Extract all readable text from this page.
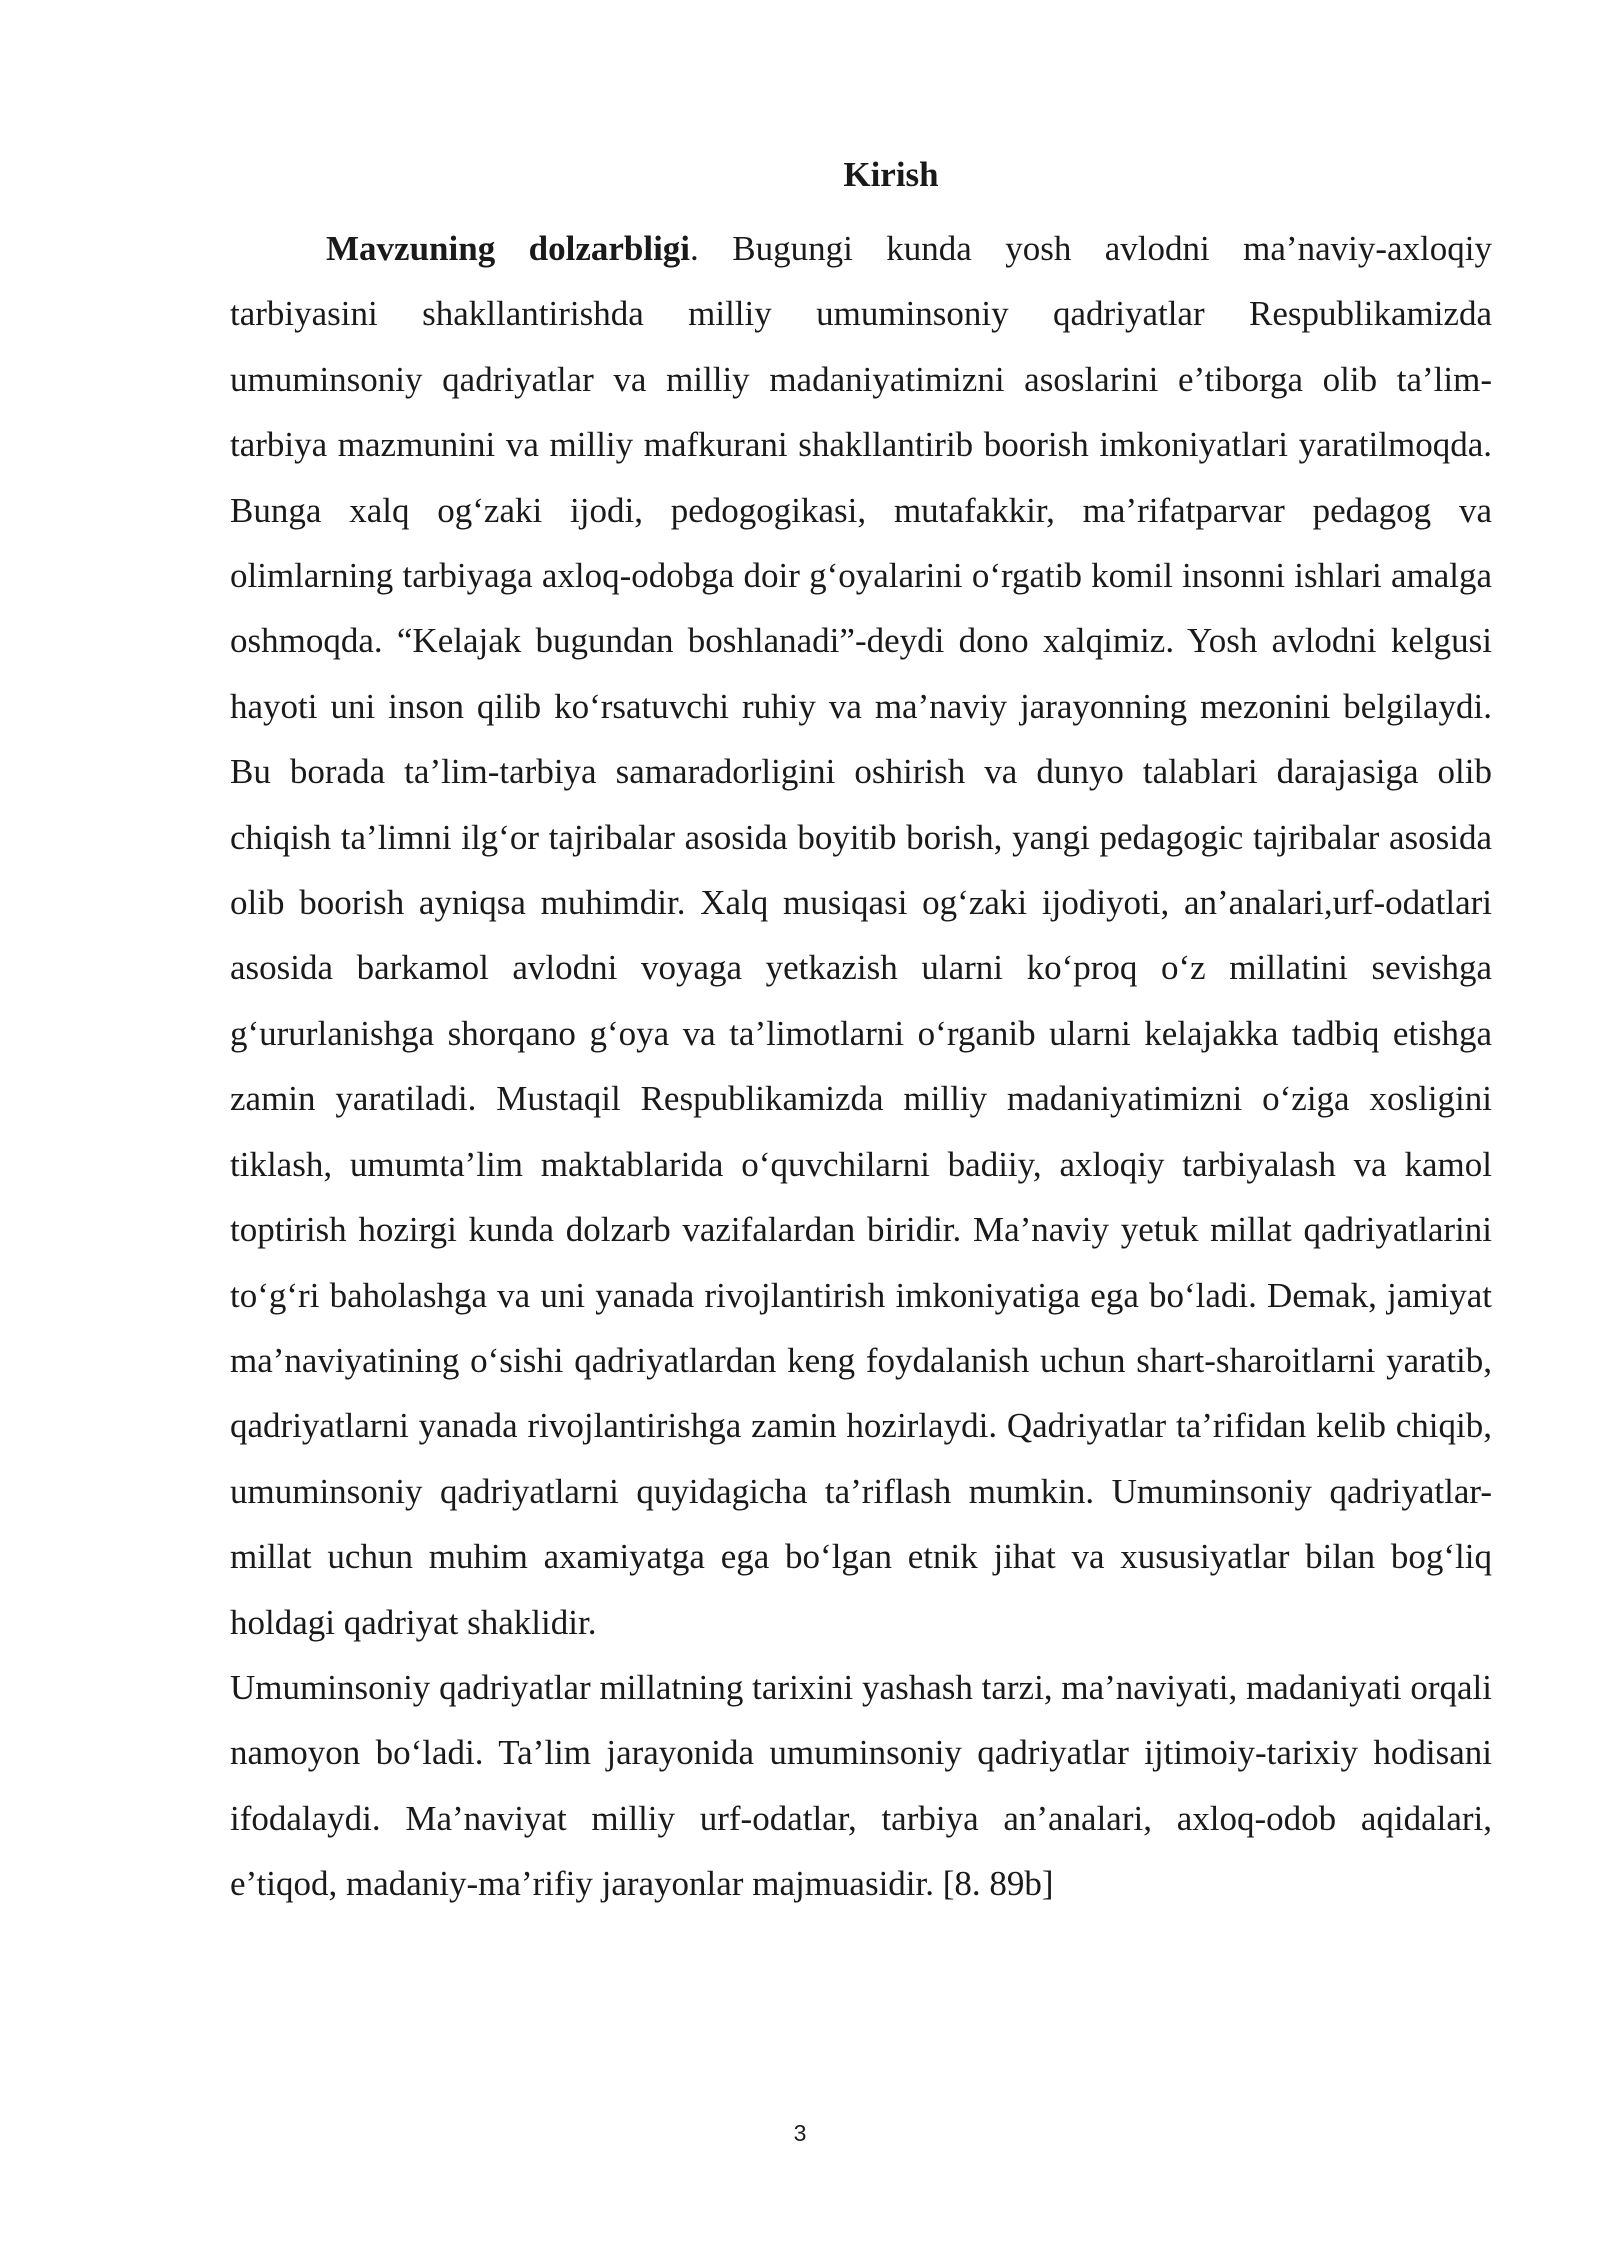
Kirish

Mavzuning dolzarbligi. Bugungi kunda yosh avlodni ma’naviy-axloqiy tarbiyasini shakllantirishda milliy umuminsoniy qadriyatlar Respublikamizda umuminsoniy qadriyatlar va milliy madaniyatimizni asoslarini e’tiborga olib ta’lim-tarbiya mazmunini va milliy mafkurani shakllantirib boorish imkoniyatlari yaratilmoqda. Bunga xalq og‘zaki ijodi, pedogogikasi, mutafakkir, ma’rifatparvar pedagog va olimlarning tarbiyaga axloq-odobga doir g‘oyalarini o‘rgatib komil insonni ishlari amalga oshmoqda. “Kelajak bugundan boshlanadi”-deydi dono xalqimiz. Yosh avlodni kelgusi hayoti uni inson qilib ko‘rsatuvchi ruhiy va ma’naviy jarayonning mezonini belgilaydi. Bu borada ta’lim-tarbiya samaradorligini oshirish va dunyo talablari darajasiga olib chiqish ta’limni ilg‘or tajribalar asosida boyitib borish, yangi pedagogic tajribalar asosida olib boorish ayniqsa muhimdir. Xalq musiqasi og‘zaki ijodiyoti, an’analari,urf-odatlari asosida barkamol avlodni voyaga yetkazish ularni ko‘proq o‘z millatini sevishga g‘ururlanishga shorqano g‘oya va ta’limotlarni o‘rganib ularni kelajakka tadbiq etishga zamin yaratiladi. Mustaqil Respublikamizda milliy madaniyatimizni o‘ziga xosligini tiklash, umumta’lim maktablarida o‘quvchilarni badiiy, axloqiy tarbiyalash va kamol toptirish hozirgi kunda dolzarb vazifalardan biridir. Ma’naviy yetuk millat qadriyatlarini to‘g‘ri baholashga va uni yanada rivojlantirish imkoniyatiga ega bo‘ladi. Demak, jamiyat ma’naviyatining o‘sishi qadriyatlardan keng foydalanish uchun shart-sharoitlarni yaratib, qadriyatlarni yanada rivojlantirishga zamin hozirlaydi. Qadriyatlar ta’rifidan kelib chiqib, umuminsoniy qadriyatlarni quyidagicha ta’riflash mumkin. Umuminsoniy qadriyatlar-millat uchun muhim axamiyatga ega bo‘lgan etnik jihat va xususiyatlar bilan bog‘liq holdagi qadriyat shaklidir.

Umuminsoniy qadriyatlar millatning tarixini yashash tarzi, ma’naviyati, madaniyati orqali namoyon bo‘ladi. Ta’lim jarayonida umuminsoniy qadriyatlar ijtimoiy-tarixiy hodisani ifodalaydi. Ma’naviyat milliy urf-odatlar, tarbiya an’analari, axloq-odob aqidalari, e’tiqod, madaniy-ma’rifiy jarayonlar majmuasidir. [8. 89b]

3
